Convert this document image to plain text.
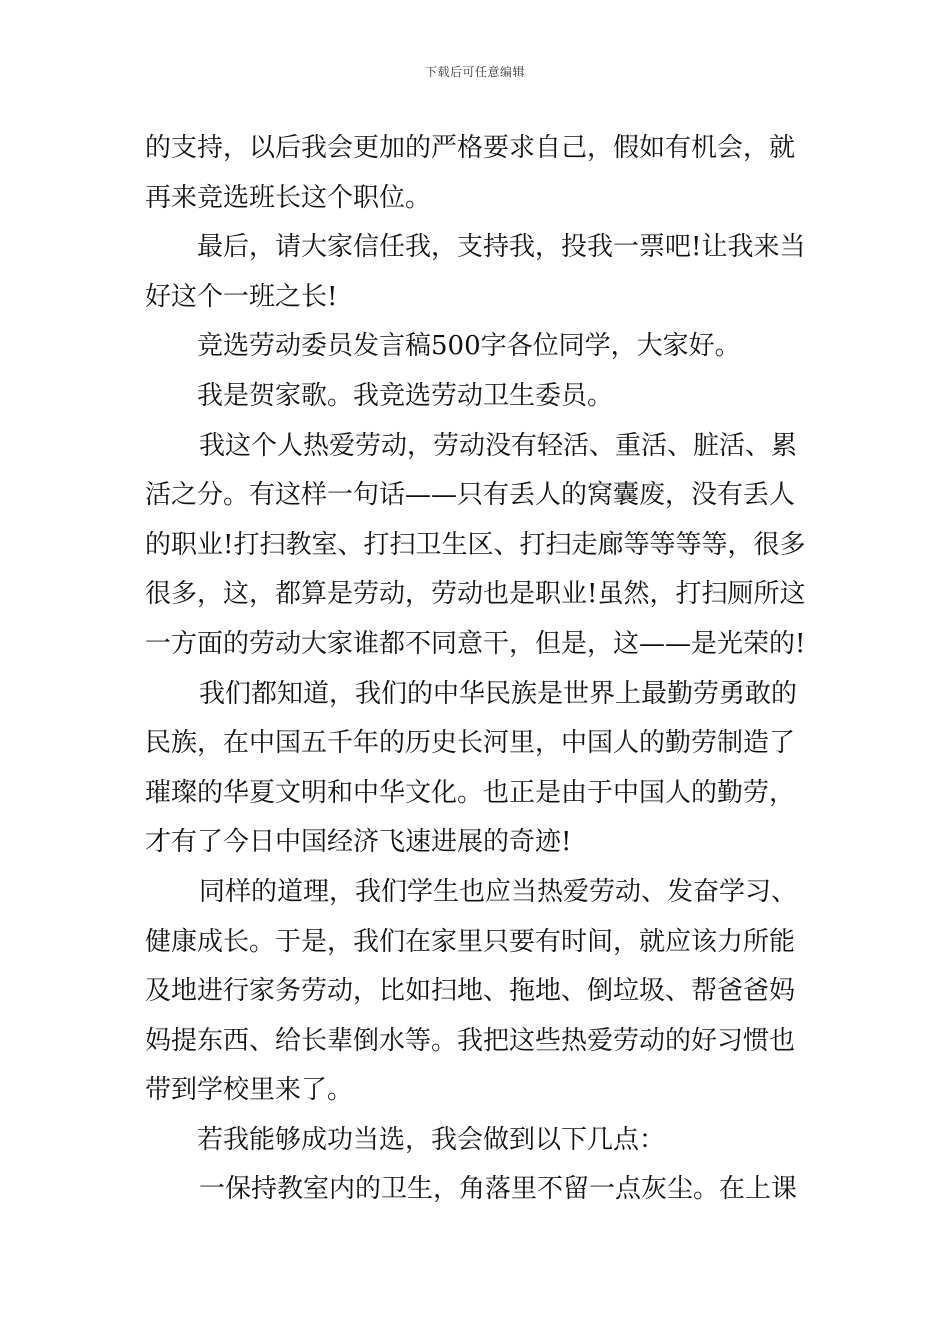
下载后可任意编辑
的支持，以后我会更加的严格要求自己，假如有机会，就
再来竞选班长这个职位。
最后，请大家信任我，支持我，投我一票吧!让我来当
好这个一班之长!
竞选劳动委员发言稿500字各位同学，大家好。
我是贺家歌。我竞选劳动卫生委员。
我这个人热爱劳动，劳动没有轻活、重活、脏活、累
活之分。有这样一句话——只有丢人的窝囊废，没有丢人
的职业!打扫教室、打扫卫生区、打扫走廊等等等等，很多
很多，这，都算是劳动，劳动也是职业!虽然，打扫厕所这
一方面的劳动大家谁都不同意干，但是，这——是光荣的!
我们都知道，我们的中华民族是世界上最勤劳勇敢的
民族，在中国五千年的历史长河里，中国人的勤劳制造了
璀璨的华夏文明和中华文化。也正是由于中国人的勤劳，
才有了今日中国经济飞速进展的奇迹!
同样的道理，我们学生也应当热爱劳动、发奋学习、
健康成长。于是，我们在家里只要有时间，就应该力所能
及地进行家务劳动，比如扫地、拖地、倒垃圾、帮爸爸妈
妈提东西、给长辈倒水等。我把这些热爱劳动的好习惯也
带到学校里来了。
若我能够成功当选，我会做到以下几点：
一保持教室内的卫生，角落里不留一点灰尘。在上课
